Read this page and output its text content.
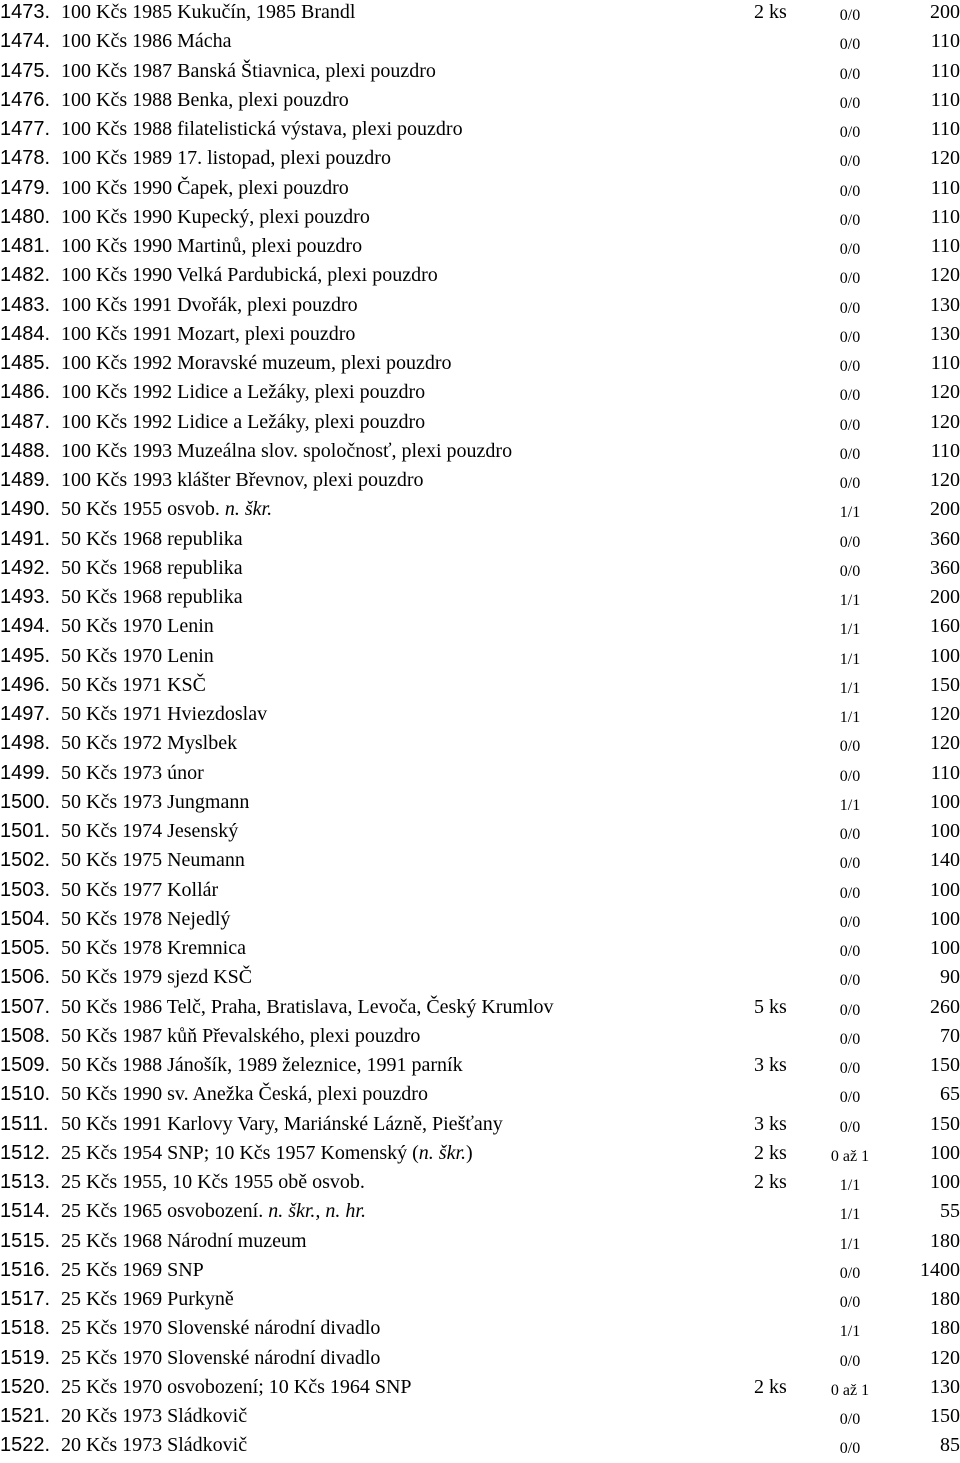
1473. 100 Kčs 1985 Kukučín, 1985 Brandl	2 ks	0/0	200
1474. 100 Kčs 1986 Mácha	0/0	110
1475. 100 Kčs 1987 Banská Štiavnica, plexi pouzdro	0/0	110
1476. 100 Kčs 1988 Benka, plexi pouzdro	0/0	110
1477. 100 Kčs 1988 filatelistická výstava, plexi pouzdro	0/0	110
1478. 100 Kčs 1989 17. listopad, plexi pouzdro	0/0	120
1479. 100 Kčs 1990 Čapek, plexi pouzdro	0/0	110
1480. 100 Kčs 1990 Kupecký, plexi pouzdro	0/0	110
1481. 100 Kčs 1990 Martinů, plexi pouzdro	0/0	110
1482. 100 Kčs 1990 Velká Pardubická, plexi pouzdro	0/0	120
1483. 100 Kčs 1991 Dvořák, plexi pouzdro	0/0	130
1484. 100 Kčs 1991 Mozart, plexi pouzdro	0/0	130
1485. 100 Kčs 1992 Moravské muzeum, plexi pouzdro	0/0	110
1486. 100 Kčs 1992 Lidice a Ležáky, plexi pouzdro	0/0	120
1487. 100 Kčs 1992 Lidice a Ležáky, plexi pouzdro	0/0	120
1488. 100 Kčs 1993 Muzeálna slov. spoločnosť, plexi pouzdro	0/0	110
1489. 100 Kčs 1993 klášter Břevnov, plexi pouzdro	0/0	120
1490. 50 Kčs 1955 osvob. n. škr.	1/1	200
1491. 50 Kčs 1968 republika	0/0	360
1492. 50 Kčs 1968 republika	0/0	360
1493. 50 Kčs 1968 republika	1/1	200
1494. 50 Kčs 1970 Lenin	1/1	160
1495. 50 Kčs 1970 Lenin	1/1	100
1496. 50 Kčs 1971 KSČ	1/1	150
1497. 50 Kčs 1971 Hviezdoslav	1/1	120
1498. 50 Kčs 1972 Myslbek	0/0	120
1499. 50 Kčs 1973 únor	0/0	110
1500. 50 Kčs 1973 Jungmann	1/1	100
1501. 50 Kčs 1974 Jesenský	0/0	100
1502. 50 Kčs 1975 Neumann	0/0	140
1503. 50 Kčs 1977 Kollár	0/0	100
1504. 50 Kčs 1978 Nejedlý	0/0	100
1505. 50 Kčs 1978 Kremnica	0/0	100
1506. 50 Kčs 1979 sjezd KSČ	0/0	90
1507. 50 Kčs 1986 Telč, Praha, Bratislava, Levoča, Český Krumlov	5 ks	0/0	260
1508. 50 Kčs 1987 kůň Převalského, plexi pouzdro	0/0	70
1509. 50 Kčs 1988 Jánošík, 1989 železnice, 1991 parník	3 ks	0/0	150
1510. 50 Kčs 1990 sv. Anežka Česká, plexi pouzdro	0/0	65
1511. 50 Kčs 1991 Karlovy Vary, Mariánské Lázně, Piešťany	3 ks	0/0	150
1512. 25 Kčs 1954 SNP; 10 Kčs 1957 Komenský (n. škr.)	2 ks	0 až 1	100
1513. 25 Kčs 1955, 10 Kčs 1955 obě osvob.	2 ks	1/1	100
1514. 25 Kčs 1965 osvobození. n. škr., n. hr.	1/1	55
1515. 25 Kčs 1968 Národní muzeum	1/1	180
1516. 25 Kčs 1969 SNP	0/0	1400
1517. 25 Kčs 1969 Purkyně	0/0	180
1518. 25 Kčs 1970 Slovenské národní divadlo	1/1	180
1519. 25 Kčs 1970 Slovenské národní divadlo	0/0	120
1520. 25 Kčs 1970 osvobození; 10 Kčs 1964 SNP	2 ks	0 až 1	130
1521. 20 Kčs 1973 Sládkovič	0/0	150
1522. 20 Kčs 1973 Sládkovič	0/0	85
